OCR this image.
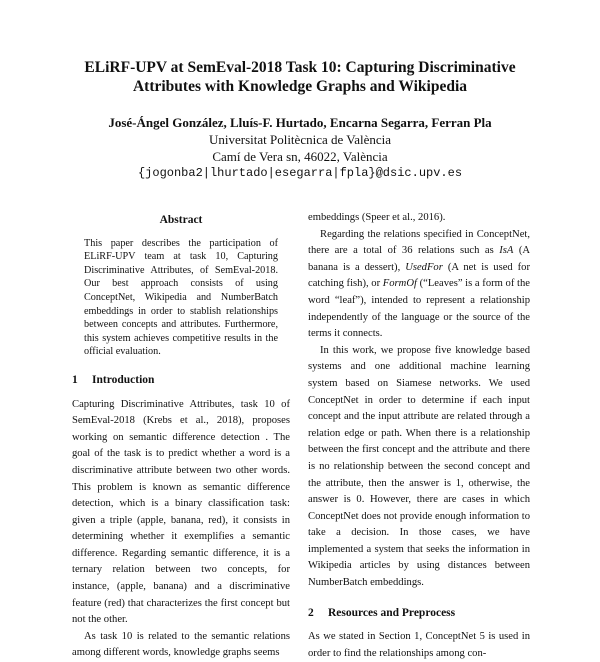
ELiRF-UPV at SemEval-2018 Task 10: Capturing Discriminative
Attributes with Knowledge Graphs and Wikipedia
José-Ángel González, Lluís-F. Hurtado, Encarna Segarra, Ferran Pla
Universitat Politècnica de València
Camí de Vera sn, 46022, València
{jogonba2|lhurtado|esegarra|fpla}@dsic.upv.es
Abstract
This paper describes the participation of ELiRF-UPV team at task 10, Capturing Discriminative Attributes, of SemEval-2018. Our best approach consists of using ConceptNet, Wikipedia and NumberBatch embeddings in order to stablish relationships between concepts and attributes. Furthermore, this system achieves competitive results in the official evaluation.
1 Introduction

Capturing Discriminative Attributes, task 10 of SemEval-2018 (Krebs et al., 2018), proposes working on semantic difference detection . The goal of the task is to predict whether a word is a discriminative attribute between two other words. This problem is known as semantic difference detection, which is a binary classification task: given a triple (apple, banana, red), it consists in determining whether it exemplifies a semantic difference. Regarding semantic difference, it is a ternary relation between two concepts, for instance, (apple, banana) and a discriminative feature (red) that characterizes the first concept but not the other.

As task 10 is related to the semantic relations among different words, knowledge graphs seems

embeddings (Speer et al., 2016).

Regarding the relations specified in ConceptNet, there are a total of 36 relations such as IsA (A banana is a dessert), UsedFor (A net is used for catching fish), or FormOf (“Leaves” is a form of the word “leaf”), intended to represent a relationship independently of the language or the source of the terms it connects.

In this work, we propose five knowledge based systems and one additional machine learning system based on Siamese networks. We used ConceptNet in order to determine if each input concept and the input attribute are related through a relation edge or path. When there is a relationship between the first concept and the attribute and there is no relationship between the second concept and the attribute, then the answer is 1, otherwise, the answer is 0. However, there are cases in which ConceptNet does not provide enough information to take a decision. In those cases, we have implemented a system that seeks the information in Wikipedia articles by using distances between NumberBatch embeddings.

2 Resources and Preprocess

As we stated in Section 1, ConceptNet 5 is used in order to find the relationships among con-
